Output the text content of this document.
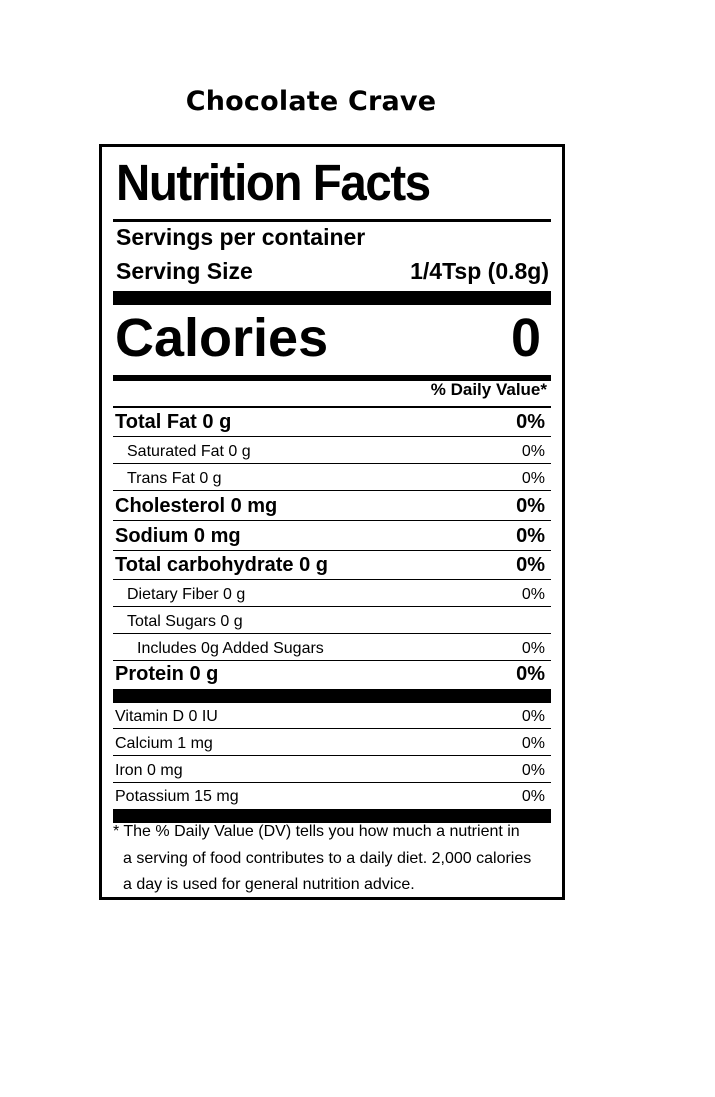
Chocolate Crave
Nutrition Facts
Servings per container
Serving Size	1/4Tsp (0.8g)
Calories	0
% Daily Value*
Total Fat 0 g	0%
Saturated Fat 0 g	0%
Trans Fat 0 g	0%
Cholesterol 0 mg	0%
Sodium 0 mg	0%
Total carbohydrate 0 g	0%
Dietary Fiber 0 g	0%
Total Sugars 0 g
Includes 0g Added Sugars	0%
Protein 0 g	0%
Vitamin D 0 IU	0%
Calcium 1 mg	0%
Iron 0 mg	0%
Potassium 15 mg	0%
* The % Daily Value (DV) tells you how much a nutrient in
a serving of food contributes to a daily diet. 2,000 calories
a day is used for general nutrition advice.
